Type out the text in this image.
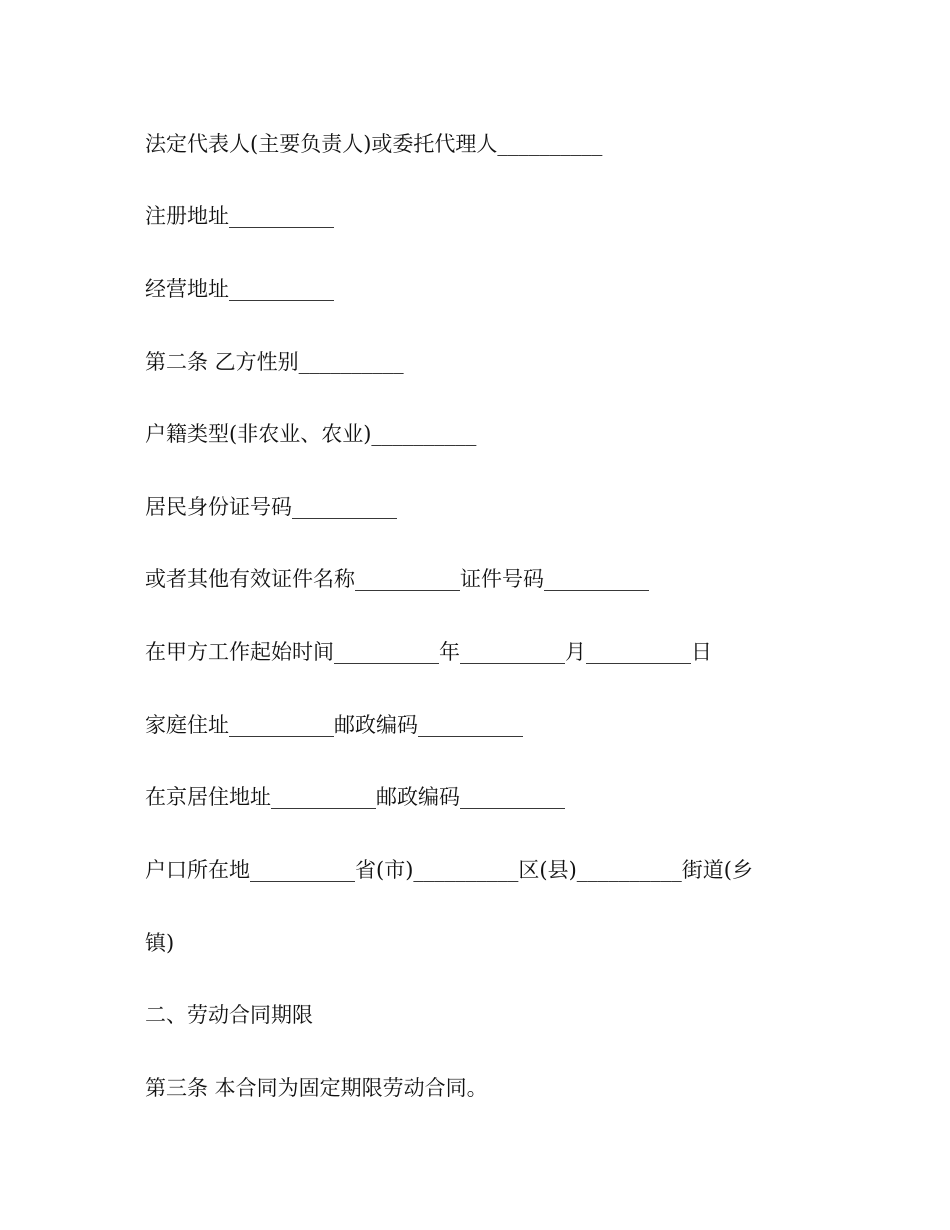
法定代表人(主要负责人)或委托代理人__________
注册地址__________
经营地址__________
第二条 乙方性别__________
户籍类型(非农业、农业)__________
居民身份证号码__________
或者其他有效证件名称__________证件号码__________
在甲方工作起始时间__________年__________月__________日
家庭住址__________邮政编码__________
在京居住地址__________邮政编码__________
户口所在地__________省(市)__________区(县)__________街道(乡
镇)
二、劳动合同期限
第三条 本合同为固定期限劳动合同。
